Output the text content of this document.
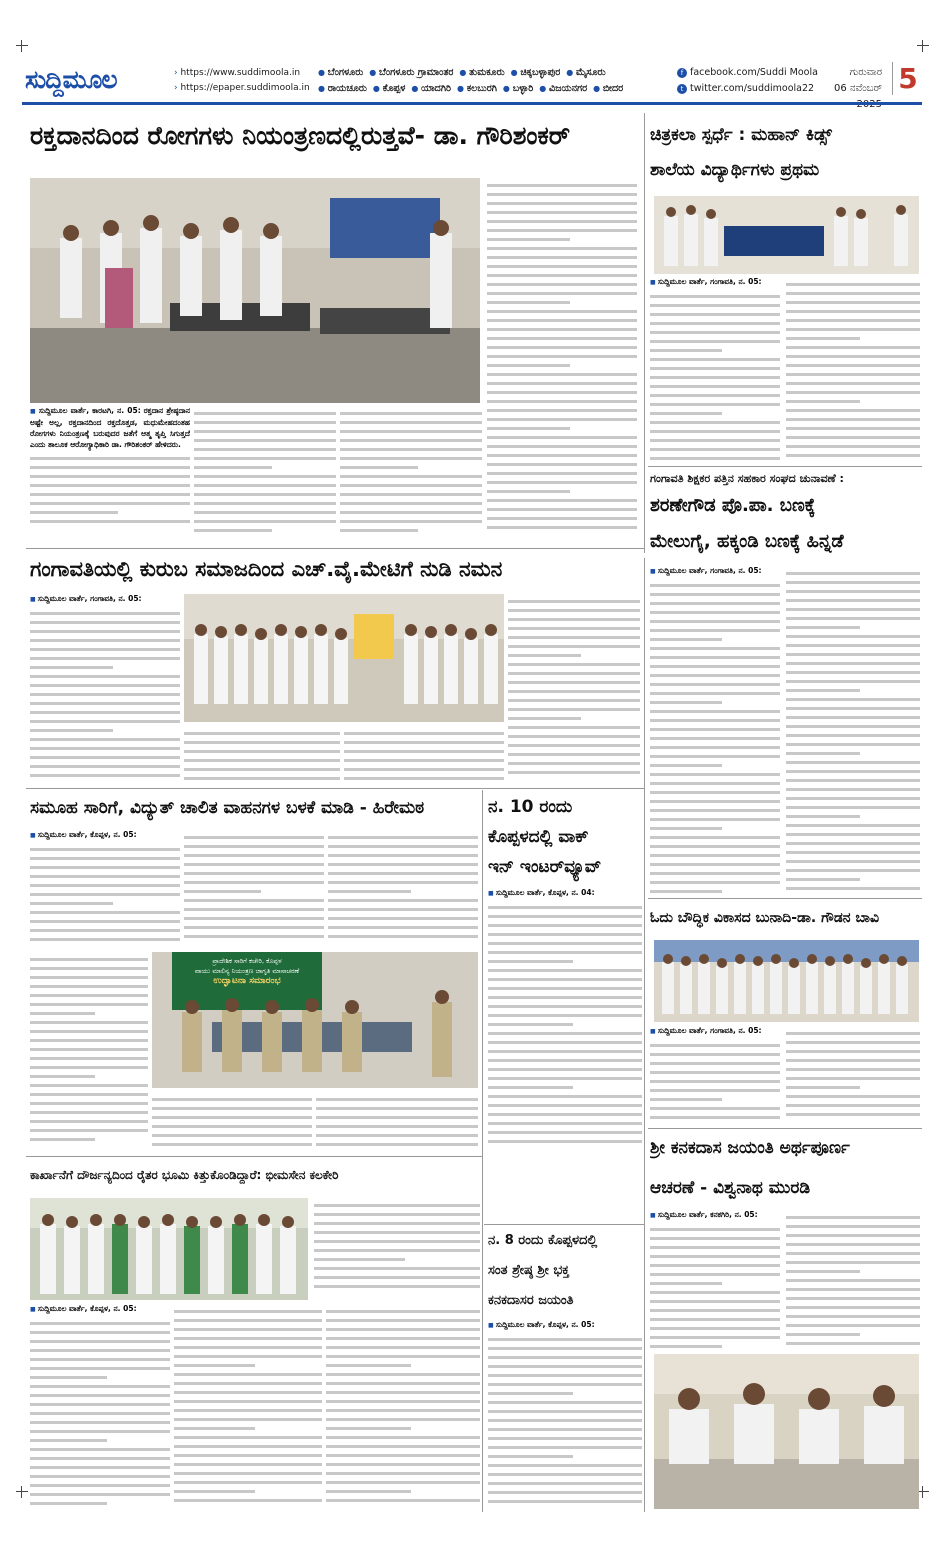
ಸುದ್ದಿಮೂಲ	› https://www.suddimoola.in
› https://epaper.suddimoola.in
● ಬೆಂಗಳೂರು ● ಬೆಂಗಳೂರು ಗ್ರಾಮಾಂತರ ● ತುಮಕೂರು ● ಚಿಕ್ಕಬಳ್ಳಾಪುರ ● ಮೈಸೂರು
● ರಾಯಚೂರು ● ಕೊಪ್ಪಳ ● ಯಾದಗಿರಿ ● ಕಲಬುರಗಿ ● ಬಳ್ಳಾರಿ ● ವಿಜಯನಗರ ● ಬೀದರ
f facebook.com/Suddi Moola
t twitter.com/suddimoola22
ಗುರುವಾರ
06 ನವೆಂಬರ್ 5
ರಕ್ತದಾನದಿಂದ ರೋಗಗಳು ನಿಯಂತ್ರಣದಲ್ಲಿರುತ್ತವೆ- ಡಾ. ಗೌರಿಶಂಕರ್
■ ಸುದ್ದಿಮೂಲ ವಾರ್ತೆ, ಕಾರಟಗಿ, ನ. 05: ರಕ್ತದಾನ ಶ್ರೇಷ್ಠದಾನ ಅಷ್ಟೇ ಅಲ್ಲ, ರಕ್ತದಾನದಿಂದ ರಕ್ತದೊತ್ತಡ, ಮಧುಮೇಹದಂತಹ ರೋಗಗಳು ನಿಯಂತ್ರಣಕ್ಕೆ ಬರುವುದರ ಜತೆಗೆ ಆತ್ಮ ತೃಪ್ತಿ ಸಿಗುತ್ತದೆ ಎಂದು ತಾಲೂಕ ಆರೋಗ್ಯಾಧಿಕಾರಿ ಡಾ. ಗೌರಿಶಂಕರ್ ಹೇಳಿದರು.
ಚಿತ್ರಕಲಾ ಸ್ಪರ್ಧೆ : ಮಹಾನ್ ಕಿಡ್ಸ್
ಶಾಲೆಯ ವಿದ್ಯಾರ್ಥಿಗಳು ಪ್ರಥಮ
■ ಸುದ್ದಿಮೂಲ ವಾರ್ತೆ, ಗಂಗಾವತಿ, ನ. 05:
ಗಂಗಾವತಿ ಶಿಕ್ಷಕರ ಪತ್ತಿನ ಸಹಕಾರ ಸಂಘದ ಚುನಾವಣೆ :
ಶರಣೇಗೌಡ ಪೊ.ಪಾ. ಬಣಕ್ಕೆ
ಮೇಲುಗೈ, ಹಕ್ಕಂಡಿ ಬಣಕ್ಕೆ ಹಿನ್ನಡೆ
■ ಸುದ್ದಿಮೂಲ ವಾರ್ತೆ, ಗಂಗಾವತಿ, ನ. 05:
ಗಂಗಾವತಿಯಲ್ಲಿ ಕುರುಬ ಸಮಾಜದಿಂದ ಎಚ್.ವೈ.ಮೇಟಿಗೆ ನುಡಿ ನಮನ
■ ಸುದ್ದಿಮೂಲ ವಾರ್ತೆ, ಗಂಗಾವತಿ, ನ. 05:
ಸಮೂಹ ಸಾರಿಗೆ, ವಿದ್ಯುತ್ ಚಾಲಿತ ವಾಹನಗಳ ಬಳಕೆ ಮಾಡಿ - ಹಿರೇಮಠ
■ ಸುದ್ದಿಮೂಲ ವಾರ್ತೆ, ಕೊಪ್ಪಳ, ನ. 05:
ಪ್ರಾದೇಶಿಕ ಸಾರಿಗೆ ಕಚೇರಿ, ಕೊಪ್ಪಳ
ವಾಯು ಮಾಲಿನ್ಯ ನಿಯಂತ್ರಣ ಜಾಗೃತಿ ಮಾಸಾಚರಣೆ
ಉದ್ಘಾಟನಾ ಸಮಾರಂಭ
ನ. 10 ರಂದು
ಕೊಪ್ಪಳದಲ್ಲಿ ವಾಕ್
ಇನ್ ಇಂಟರ್‌ವ್ಯೂವ್
■ ಸುದ್ದಿಮೂಲ ವಾರ್ತೆ, ಕೊಪ್ಪಳ, ನ. 04:
ಓದು ಬೌದ್ಧಿಕ ವಿಕಾಸದ ಬುನಾದಿ-ಡಾ. ಗೌಡನ ಬಾವಿ
■ ಸುದ್ದಿಮೂಲ ವಾರ್ತೆ, ಗಂಗಾವತಿ, ನ. 05:
ಕಾರ್ಖಾನೆಗೆ ದೌರ್ಜನ್ಯದಿಂದ ರೈತರ ಭೂಮಿ ಕಿತ್ತುಕೊಂಡಿದ್ದಾರೆ: ಭೀಮಸೇನ ಕಲಕೇರಿ
■ ಸುದ್ದಿಮೂಲ ವಾರ್ತೆ, ಕೊಪ್ಪಳ, ನ. 05:
ನ. 8 ರಂದು ಕೊಪ್ಪಳದಲ್ಲಿ
ಸಂತ ಶ್ರೇಷ್ಠ ಶ್ರೀ ಭಕ್ತ
ಕನಕದಾಸರ ಜಯಂತಿ
■ ಸುದ್ದಿಮೂಲ ವಾರ್ತೆ, ಕೊಪ್ಪಳ, ನ. 05:
ಶ್ರೀ ಕನಕದಾಸ ಜಯಂತಿ ಅರ್ಥಪೂರ್ಣ
ಆಚರಣೆ - ವಿಶ್ವನಾಥ ಮುರಡಿ
■ ಸುದ್ದಿಮೂಲ ವಾರ್ತೆ, ಕನಕಗಿರಿ, ನ. 05:
